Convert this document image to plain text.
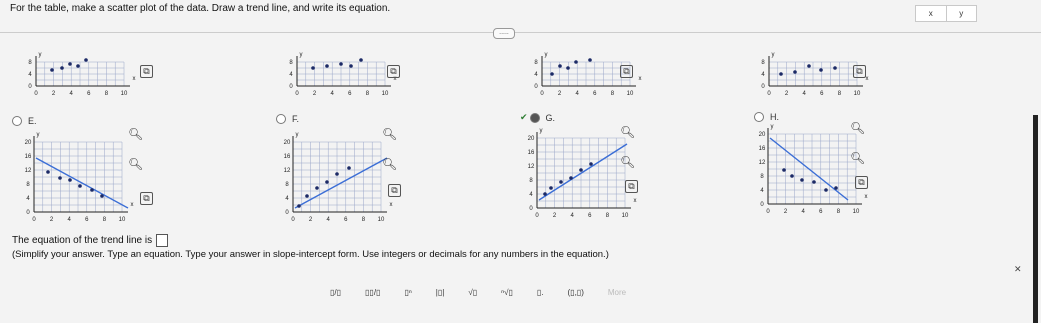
For the table, make a scatter plot of the data. Draw a trend line, and write its equation.	x	y
.....
0 2 4 6 8 10
8
4
0
x
y
⧉
0 2 4 6 8 10
8
4
0
x
y
⧉
0 2 4 6 8 10
8
4
0
x
y
⧉
0 2 4 6 8 10
8
4
0
x
y
⧉
E.	F.	✔ G.	H.
0 2 4 6 8 10
20
16
12
8
4
0
x
y	🔍︎
🔍︎
⧉
0 2 4 6 8 10
20
16
12
8
4
0
x
y	🔍︎
🔍︎
⧉
0 2 4 6 8 10
20
16
12
8
4
0
x
y	🔍︎
🔍︎
⧉
0 2 4 6 8 10
20
16
12
8
4
0
x
y	🔍︎
🔍︎
⧉
The equation of the trend line is
(Simplify your answer. Type an equation. Type your answer in slope-intercept form. Use integers or decimals for any numbers in the equation.)
✕
▯/▯	▯▯/▯	▯ⁿ	|▯|	√▯	ⁿ√▯	▯.	(▯,▯)	More
